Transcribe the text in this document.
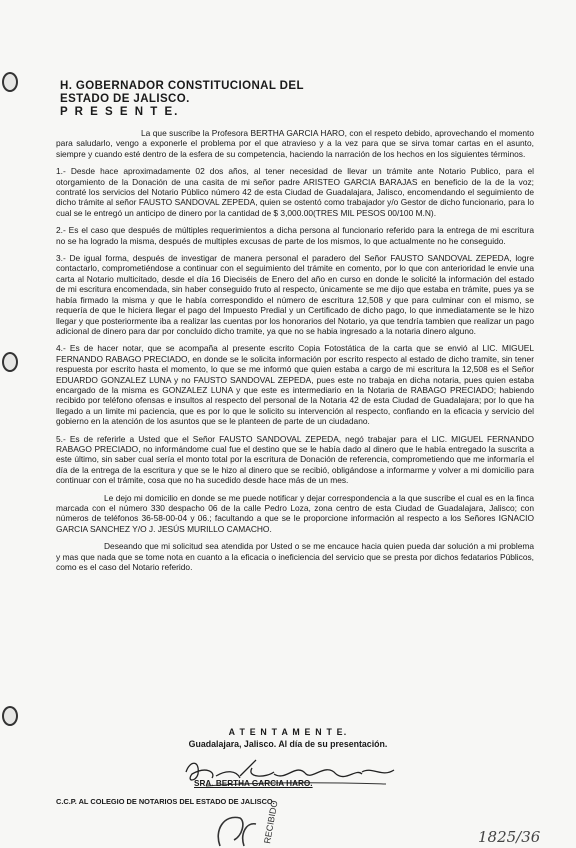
H. GOBERNADOR CONSTITUCIONAL DEL
ESTADO DE JALISCO.
P R E S E N T E.

La que suscribe la Profesora BERTHA GARCIA HARO, con el respeto debido, aprovechando el momento para saludarlo, vengo a exponerle el problema por el que atravieso y a la vez para que se sirva tomar cartas en el asunto, siempre y cuando esté dentro de la esfera de su competencia, haciendo la narración de los hechos en los siguientes términos.

1.- Desde hace aproximadamente 02 dos años, al tener necesidad de llevar un trámite ante Notario Publico, para el otorgamiento de la Donación de una casita de mi señor padre ARISTEO GARCIA BARAJAS en beneficio de la de la voz; contraté los servicios del Notario Público número 42 de esta Ciudad de Guadalajara, Jalisco, encomendando el seguimiento de dicho trámite al señor FAUSTO SANDOVAL ZEPEDA, quien se ostentó como trabajador y/o Gestor de dicho funcionario, para lo cual se le entregó un anticipo de dinero por la cantidad de $ 3,000.00(TRES MIL PESOS 00/100 M.N).

2.- Es el caso que después de múltiples requerimientos a dicha persona al funcionario referido para la entrega de mi escritura no se ha logrado la misma, después de multiples excusas de parte de los mismos, lo que actualmente no he conseguido.

3.- De igual forma, después de investigar de manera personal el paradero del Señor FAUSTO SANDOVAL ZEPEDA, logre contactarlo, comprometiéndose a continuar con el seguimiento del trámite en comento, por lo que con anterioridad le envie una carta al Notario multicitado, desde el día 16 Dieciséis de Enero del año en curso en donde le solicité la información del estado de mi escritura encomendada, sin haber conseguido fruto al respecto, únicamente se me dijo que estaba en trámite, pues ya se había firmado la misma y que le había correspondido el número de escritura 12,508 y que para culminar con el mismo, se requería de que le hiciera llegar el pago del Impuesto Predial y un Certificado de dicho pago, lo que inmediatamente se le hizo llegar y que posteriormente iba a realizar las cuentas por los honorarios del Notario, ya que tendría tambien que realizar un pago adicional de dinero para dar por concluido dicho tramite, ya que no se habia ingresado a la notaria dinero alguno.

4.- Es de hacer notar, que se acompaña al presente escrito Copia Fotostática de la carta que se envió al LIC. MIGUEL FERNANDO RABAGO PRECIADO, en donde se le solicita información por escrito respecto al estado de dicho tramite, sin tener respuesta por escrito hasta el momento, lo que se me informó que quien estaba a cargo de mi escritura la 12,508 es el Señor EDUARDO GONZALEZ LUNA y no FAUSTO SANDOVAL ZEPEDA, pues este no trabaja en dicha notaria, pues quien estaba encargado de la misma es GONZALEZ LUNA y que este es intermediario en la Notaria de RABAGO PRECIADO; habiendo recibido por teléfono ofensas e insultos al respecto del personal de la Notaria 42 de esta Ciudad de Guadalajara; por lo que ha llegado a un limite mi paciencia, que es por lo que le solicito su intervención al respecto, confiando en la eficacia y servicio del gobierno en la atención de los asuntos que se le planteen de parte de un ciudadano.

5.- Es de referirle a Usted que el Señor FAUSTO SANDOVAL ZEPEDA, negó trabajar para el LIC. MIGUEL FERNANDO RABAGO PRECIADO, no informándome cual fue el destino que se le había dado al dinero que le había entregado la suscrita a este último, sin saber cual sería el monto total por la escritura de Donación de referencia, comprometiendo que me informaría el día de la entrega de la escritura y que se le hizo al dinero que se recibió, obligándose a informarme y volver a mi domicilio para continuar con el trámite, cosa que no ha sucedido desde hace más de un mes.

Le dejo mi domicilio en donde se me puede notificar y dejar correspondencia a la que suscribe el cual es en la finca marcada con el número 330 despacho 06 de la calle Pedro Loza, zona centro de esta Ciudad de Guadalajara, Jalisco; con números de teléfonos 36-58-00-04 y 06.; facultando a que se le proporcione información al respecto a los Señores IGNACIO GARCIA SANCHEZ Y/O J. JESÚS MURILLO CAMACHO.

Deseando que mi solicitud sea atendida por Usted o se me encauce hacia quien pueda dar solución a mi problema y mas que nada que se tome nota en cuanto a la eficacia o ineficiencia del servicio que se presta por dichos fedatarios Públicos, como es el caso del Notario referido.

A T E N T A M E N T E.
Guadalajara, Jalisco. Al día de su presentación.
SRA. BERTHA GARCIA HARO.
C.C.P. AL COLEGIO DE NOTARIOS DEL ESTADO DE JALISCO.
RECIBIDO	1825/36
